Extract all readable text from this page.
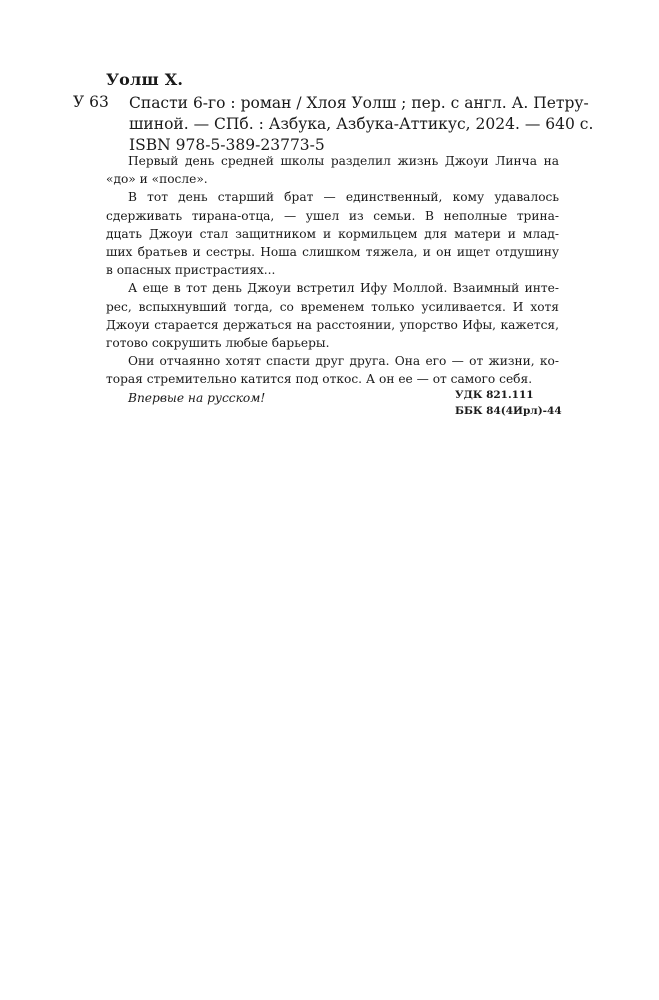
Уолш Х.
У 63 Спасти 6-го : роман / Хлоя Уолш ; пер. с англ. А. Петру-
шиной. — СПб. : Азбука, Азбука-Аттикус, 2024. — 640 с.
ISBN 978-5-389-23773-5
Первый день средней школы разделил жизнь Джоуи Линча на
«до» и «после».
В тот день старший брат — единственный, кому удавалось
сдерживать тирана-отца, — ушел из семьи. В неполные трина-
дцать Джоуи стал защитником и кормильцем для матери и млад-
ших братьев и сестры. Ноша слишком тяжела, и он ищет отдушину
в опасных пристрастиях...
А еще в тот день Джоуи встретил Ифу Моллой. Взаимный инте-
рес, вспыхнувший тогда, со временем только усиливается. И хотя
Джоуи старается держаться на расстоянии, упорство Ифы, кажется,
готово сокрушить любые барьеры.
Они отчаянно хотят спасти друг друга. Она его — от жизни, ко-
торая стремительно катится под откос. А он ее — от самого себя.
Впервые на русском!	УДК 821.111
ББК 84(4Ирл)-44
